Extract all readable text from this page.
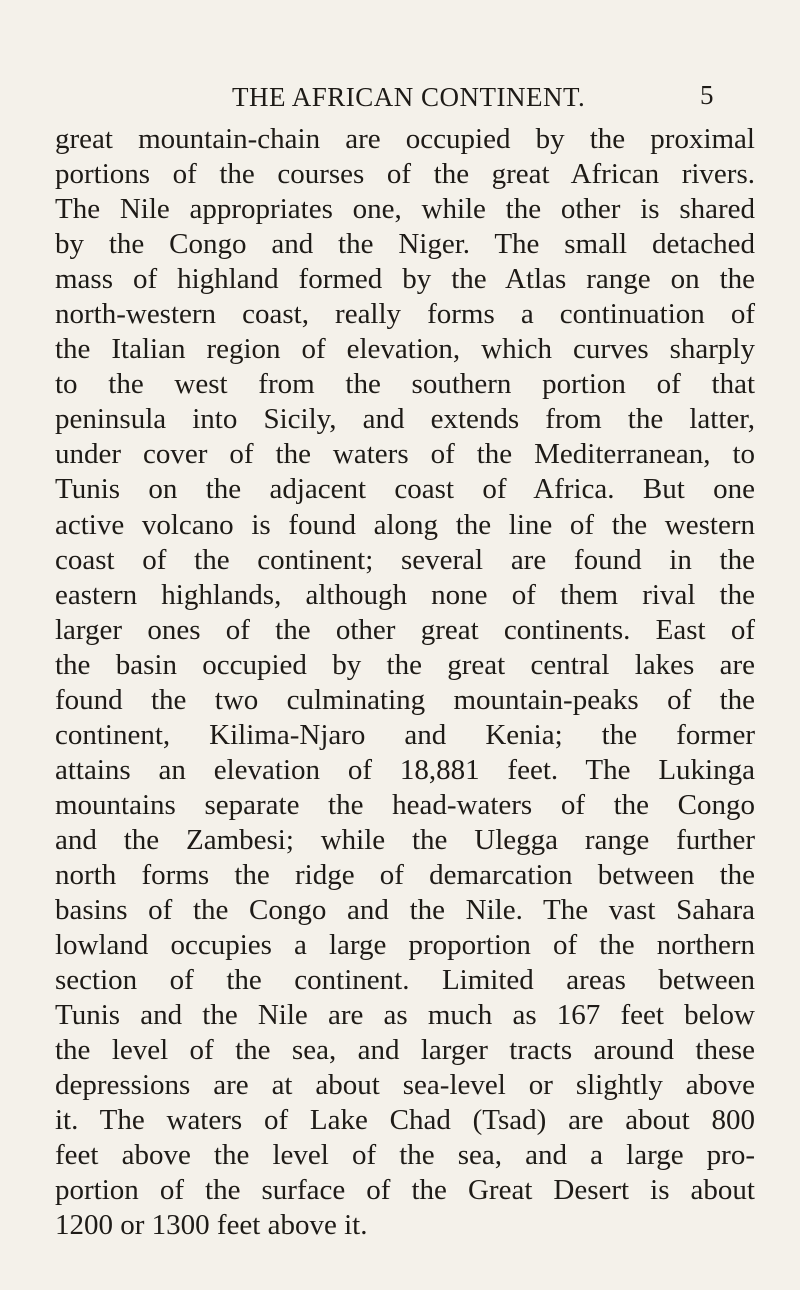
THE AFRICAN CONTINENT.	5
great mountain-chain are occupied by the proximal
portions of the courses of the great African rivers.
The Nile appropriates one, while the other is shared
by the Congo and the Niger. The small detached
mass of highland formed by the Atlas range on the
north-western coast, really forms a continuation of
the Italian region of elevation, which curves sharply
to the west from the southern portion of that
peninsula into Sicily, and extends from the latter,
under cover of the waters of the Mediterranean, to
Tunis on the adjacent coast of Africa. But one
active volcano is found along the line of the western
coast of the continent; several are found in the
eastern highlands, although none of them rival the
larger ones of the other great continents. East of
the basin occupied by the great central lakes are
found the two culminating mountain-peaks of the
continent, Kilima-Njaro and Kenia; the former
attains an elevation of 18,881 feet. The Lukinga
mountains separate the head-waters of the Congo
and the Zambesi; while the Ulegga range further
north forms the ridge of demarcation between the
basins of the Congo and the Nile. The vast Sahara
lowland occupies a large proportion of the northern
section of the continent. Limited areas between
Tunis and the Nile are as much as 167 feet below
the level of the sea, and larger tracts around these
depressions are at about sea-level or slightly above
it. The waters of Lake Chad (Tsad) are about 800
feet above the level of the sea, and a large pro-
portion of the surface of the Great Desert is about
1200 or 1300 feet above it.
